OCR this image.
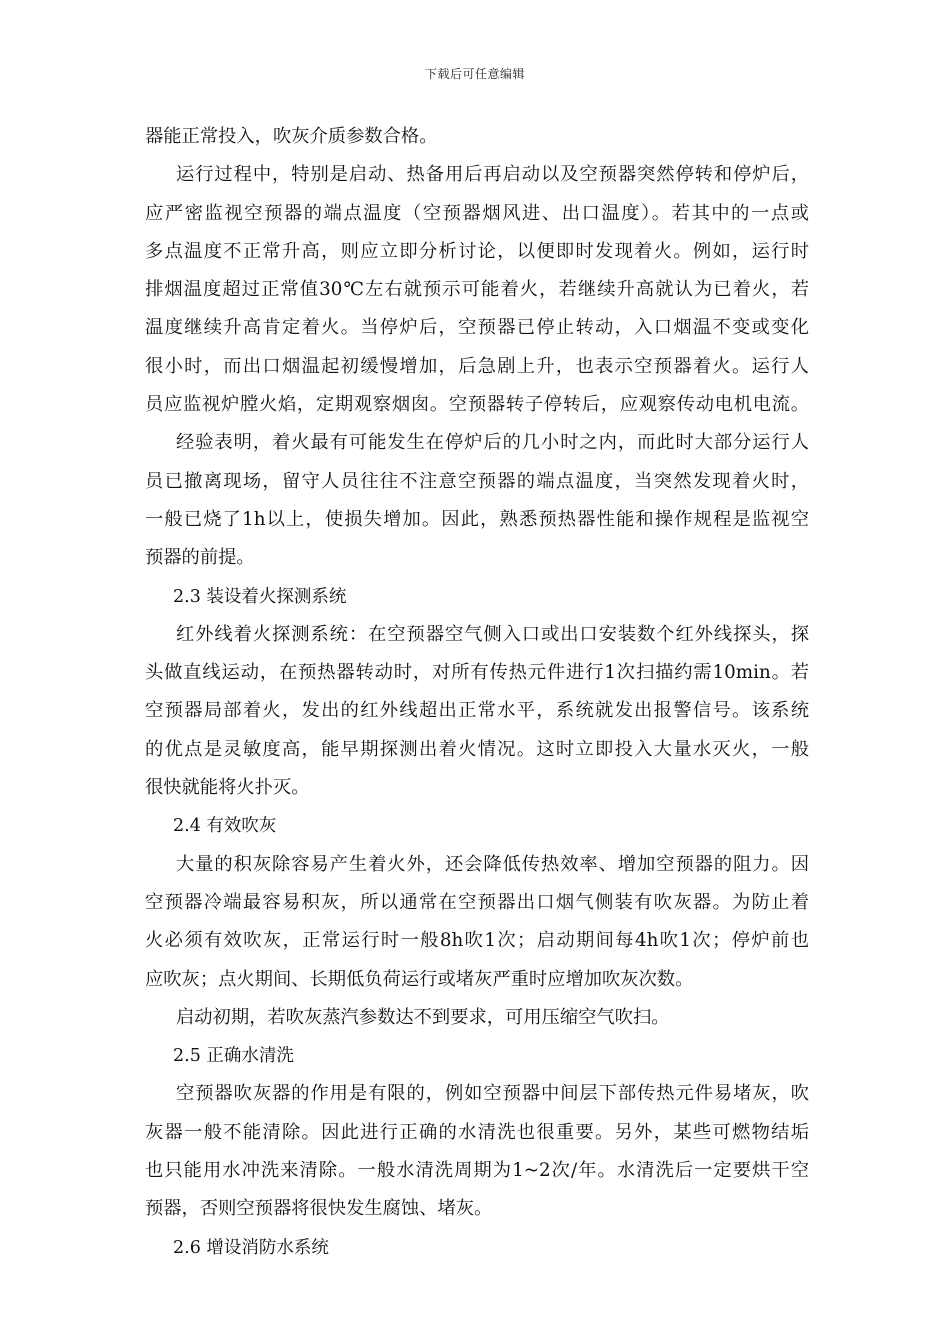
下载后可任意编辑
器能正常投入，吹灰介质参数合格。
运行过程中，特别是启动、热备用后再启动以及空预器突然停转和停炉后，
应严密监视空预器的端点温度（空预器烟风进、出口温度）。若其中的一点或
多点温度不正常升高，则应立即分析讨论，以便即时发现着火。例如，运行时
排烟温度超过正常值30℃左右就预示可能着火，若继续升高就认为已着火，若
温度继续升高肯定着火。当停炉后，空预器已停止转动，入口烟温不变或变化
很小时，而出口烟温起初缓慢增加，后急剧上升，也表示空预器着火。运行人
员应监视炉膛火焰，定期观察烟囱。空预器转子停转后，应观察传动电机电流。
经验表明，着火最有可能发生在停炉后的几小时之内，而此时大部分运行人
员已撤离现场，留守人员往往不注意空预器的端点温度，当突然发现着火时，
一般已烧了1h以上，使损失增加。因此，熟悉预热器性能和操作规程是监视空
预器的前提。
2.3 装设着火探测系统
红外线着火探测系统：在空预器空气侧入口或出口安装数个红外线探头，探
头做直线运动，在预热器转动时，对所有传热元件进行1次扫描约需10min。若
空预器局部着火，发出的红外线超出正常水平，系统就发出报警信号。该系统
的优点是灵敏度高，能早期探测出着火情况。这时立即投入大量水灭火，一般
很快就能将火扑灭。
2.4 有效吹灰
大量的积灰除容易产生着火外，还会降低传热效率、增加空预器的阻力。因
空预器冷端最容易积灰，所以通常在空预器出口烟气侧装有吹灰器。为防止着
火必须有效吹灰，正常运行时一般8h吹1次；启动期间每4h吹1次；停炉前也
应吹灰；点火期间、长期低负荷运行或堵灰严重时应增加吹灰次数。
启动初期，若吹灰蒸汽参数达不到要求，可用压缩空气吹扫。
2.5 正确水清洗
空预器吹灰器的作用是有限的，例如空预器中间层下部传热元件易堵灰，吹
灰器一般不能清除。因此进行正确的水清洗也很重要。另外，某些可燃物结垢
也只能用水冲洗来清除。一般水清洗周期为1~2次/年。水清洗后一定要烘干空
预器，否则空预器将很快发生腐蚀、堵灰。
2.6 增设消防水系统
